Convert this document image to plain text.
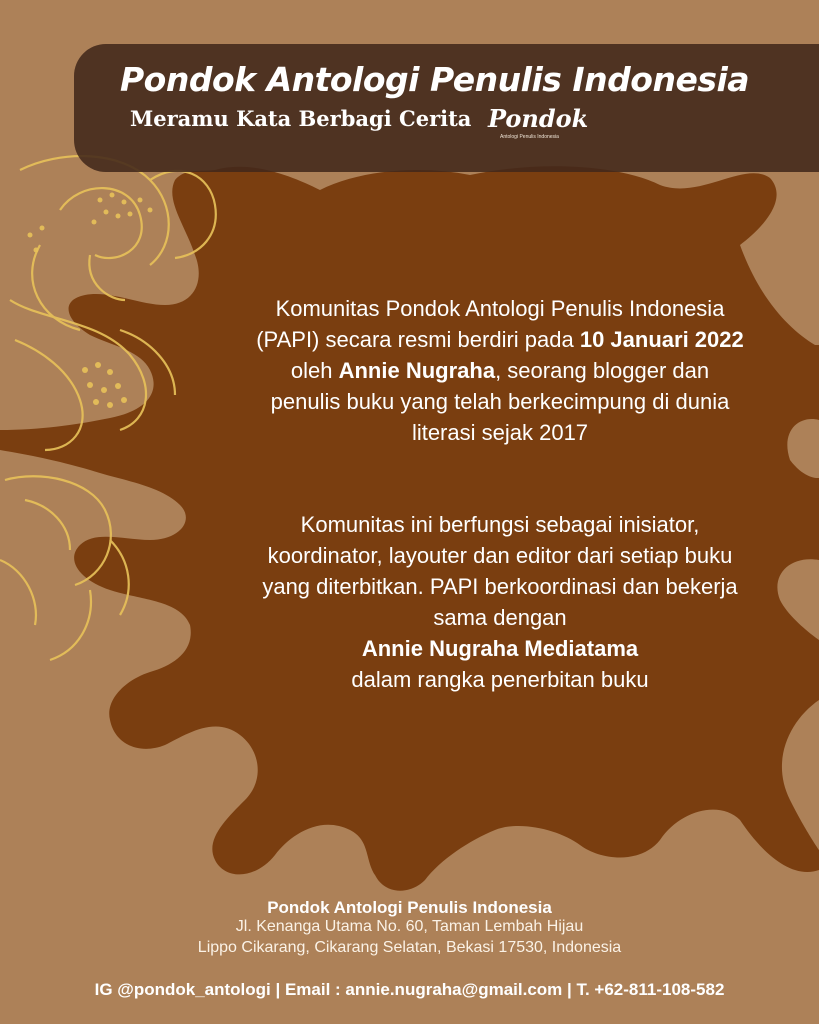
Pondok Antologi Penulis Indonesia
Meramu Kata Berbagi Cerita Pondok
Antologi Penulis Indonesia

Komunitas Pondok Antologi Penulis Indonesia (PAPI) secara resmi berdiri pada 10 Januari 2022 oleh Annie Nugraha, seorang blogger dan penulis buku yang telah berkecimpung di dunia literasi sejak 2017

Komunitas ini berfungsi sebagai inisiator, koordinator, layouter dan editor dari setiap buku yang diterbitkan. PAPI berkoordinasi dan bekerja sama dengan
Annie Nugraha Mediatama
dalam rangka penerbitan buku

Pondok Antologi Penulis Indonesia
Jl. Kenanga Utama No. 60, Taman Lembah Hijau
Lippo Cikarang, Cikarang Selatan, Bekasi 17530, Indonesia
IG @pondok_antologi | Email : annie.nugraha@gmail.com | T. +62-811-108-582
